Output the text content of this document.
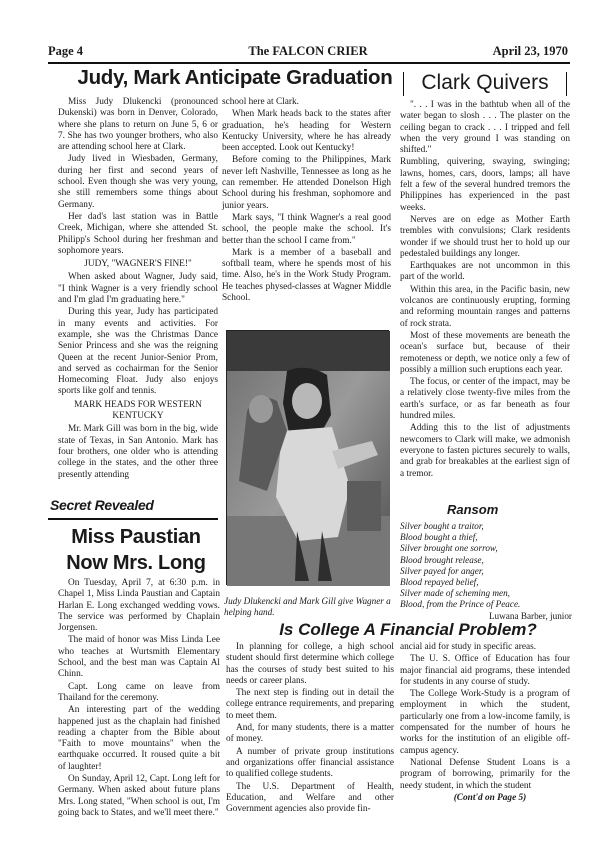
Page 4	The FALCON CRIER	April 23, 1970
Judy, Mark Anticipate Graduation

Miss Judy Dlukencki (pronounced Dukenski) was born in Denver, Colorado, where she plans to return on June 5, 6 or 7. She has two younger brothers, who also are attending school here at Clark.

Judy lived in Wiesbaden, Germany, during her first and second years of school. Even though she was very young, she still remembers some things about Germany.

Her dad's last station was in Battle Creek, Michigan, where she attended St. Philipp's School during her freshman and sophomore years.

JUDY, "WAGNER'S FINE!"

When asked about Wagner, Judy said, "I think Wagner is a very friendly school and I'm glad I'm graduating here."

During this year, Judy has participated in many events and activities. For example, she was the Christmas Dance Senior Princess and she was the reigning Queen at the recent Junior-Senior Prom, and served as cochairman for the Senior Homecoming Float. Judy also enjoys sports like golf and tennis.

MARK HEADS FOR WESTERN KENTUCKY

Mr. Mark Gill was born in the big, wide state of Texas, in San Antonio. Mark has four brothers, one older who is attending college in the states, and the other three presently attending

school here at Clark.

When Mark heads back to the states after graduation, he's heading for Western Kentucky University, where he has already been accepted. Look out Kentucky!

Before coming to the Philippines, Mark never left Nashville, Tennessee as long as he can remember. He attended Donelson High School during his freshman, sophomore and junior years.

Mark says, "I think Wagner's a real good school, the people make the school. It's better than the school I came from."

Mark is a member of a baseball and softball team, where he spends most of his time. Also, he's in the Work Study Program. He teaches physed-classes at Wagner Middle School.

Judy Dlukencki and Mark Gill give Wagner a helping hand.
Clark Quivers

". . . I was in the bathtub when all of the water began to slosh . . . The plaster on the ceiling began to crack . . . I tripped and fell when the very ground I was standing on shifted."

Rumbling, quivering, swaying, swinging; lawns, homes, cars, doors, lamps; all have felt a few of the several hundred tremors the Philippines has experienced in the past weeks.

Nerves are on edge as Mother Earth trembles with convulsions; Clark residents wonder if we should trust her to hold up our pedestaled buildings any longer.

Earthquakes are not uncommon in this part of the world.

Within this area, in the Pacific basin, new volcanos are continuously erupting, forming and reforming mountain ranges and patterns of rock strata.

Most of these movements are beneath the ocean's surface but, because of their remoteness or depth, we notice only a few of possibly a million such eruptions each year.

The focus, or center of the impact, may be a relatively close twenty-five miles from the earth's surface, or as far beneath as four hundred miles.

Adding this to the list of adjustments newcomers to Clark will make, we admonish everyone to fasten pictures securely to walls, and grab for breakables at the earliest sign of a tremor.

Ransom
Silver bought a traitor,
Blood bought a thief,
Silver brought one sorrow,
Blood brought release,
Silver payed for anger,
Blood repayed belief,
Silver made of scheming men,
Blood, from the Prince of Peace.
Luwana Barber, junior
Secret Revealed
Miss Paustian Now Mrs. Long

On Tuesday, April 7, at 6:30 p.m. in Chapel 1, Miss Linda Paustian and Captain Harlan E. Long exchanged wedding vows. The service was performed by Chaplain Jorgensen.

The maid of honor was Miss Linda Lee who teaches at Wurtsmith Elementary School, and the best man was Captain Al Chinn.

Capt. Long came on leave from Thailand for the ceremony.

An interesting part of the wedding happened just as the chaplain had finished reading a chapter from the Bible about "Faith to move mountains" when the earthquake occurred. It roused quite a bit of laughter!

On Sunday, April 12, Capt. Long left for Germany. When asked about future plans Mrs. Long stated, "When school is out, I'm going back to States, and we'll meet there."

Is College A Financial Problem?

In planning for college, a high school student should first determine which college has the courses of study best suited to his needs or career plans.

The next step is finding out in detail the college entrance requirements, and preparing to meet them.

And, for many students, there is a matter of money.

A number of private group institutions and organizations offer financial assistance to qualified college students.

The U.S. Department of Health, Education, and Welfare and other Government agencies also provide fin-

ancial aid for study in specific areas.

The U. S. Office of Education has four major financial aid programs, these intended for students in any course of study.

The College Work-Study is a program of employment in which the student, particularly one from a low-income family, is compensated for the number of hours he works for the institution of an eligible off-campus agency.

National Defense Student Loans is a program of borrowing, primarily for the needy student, in which the student

(Cont'd on Page 5)
